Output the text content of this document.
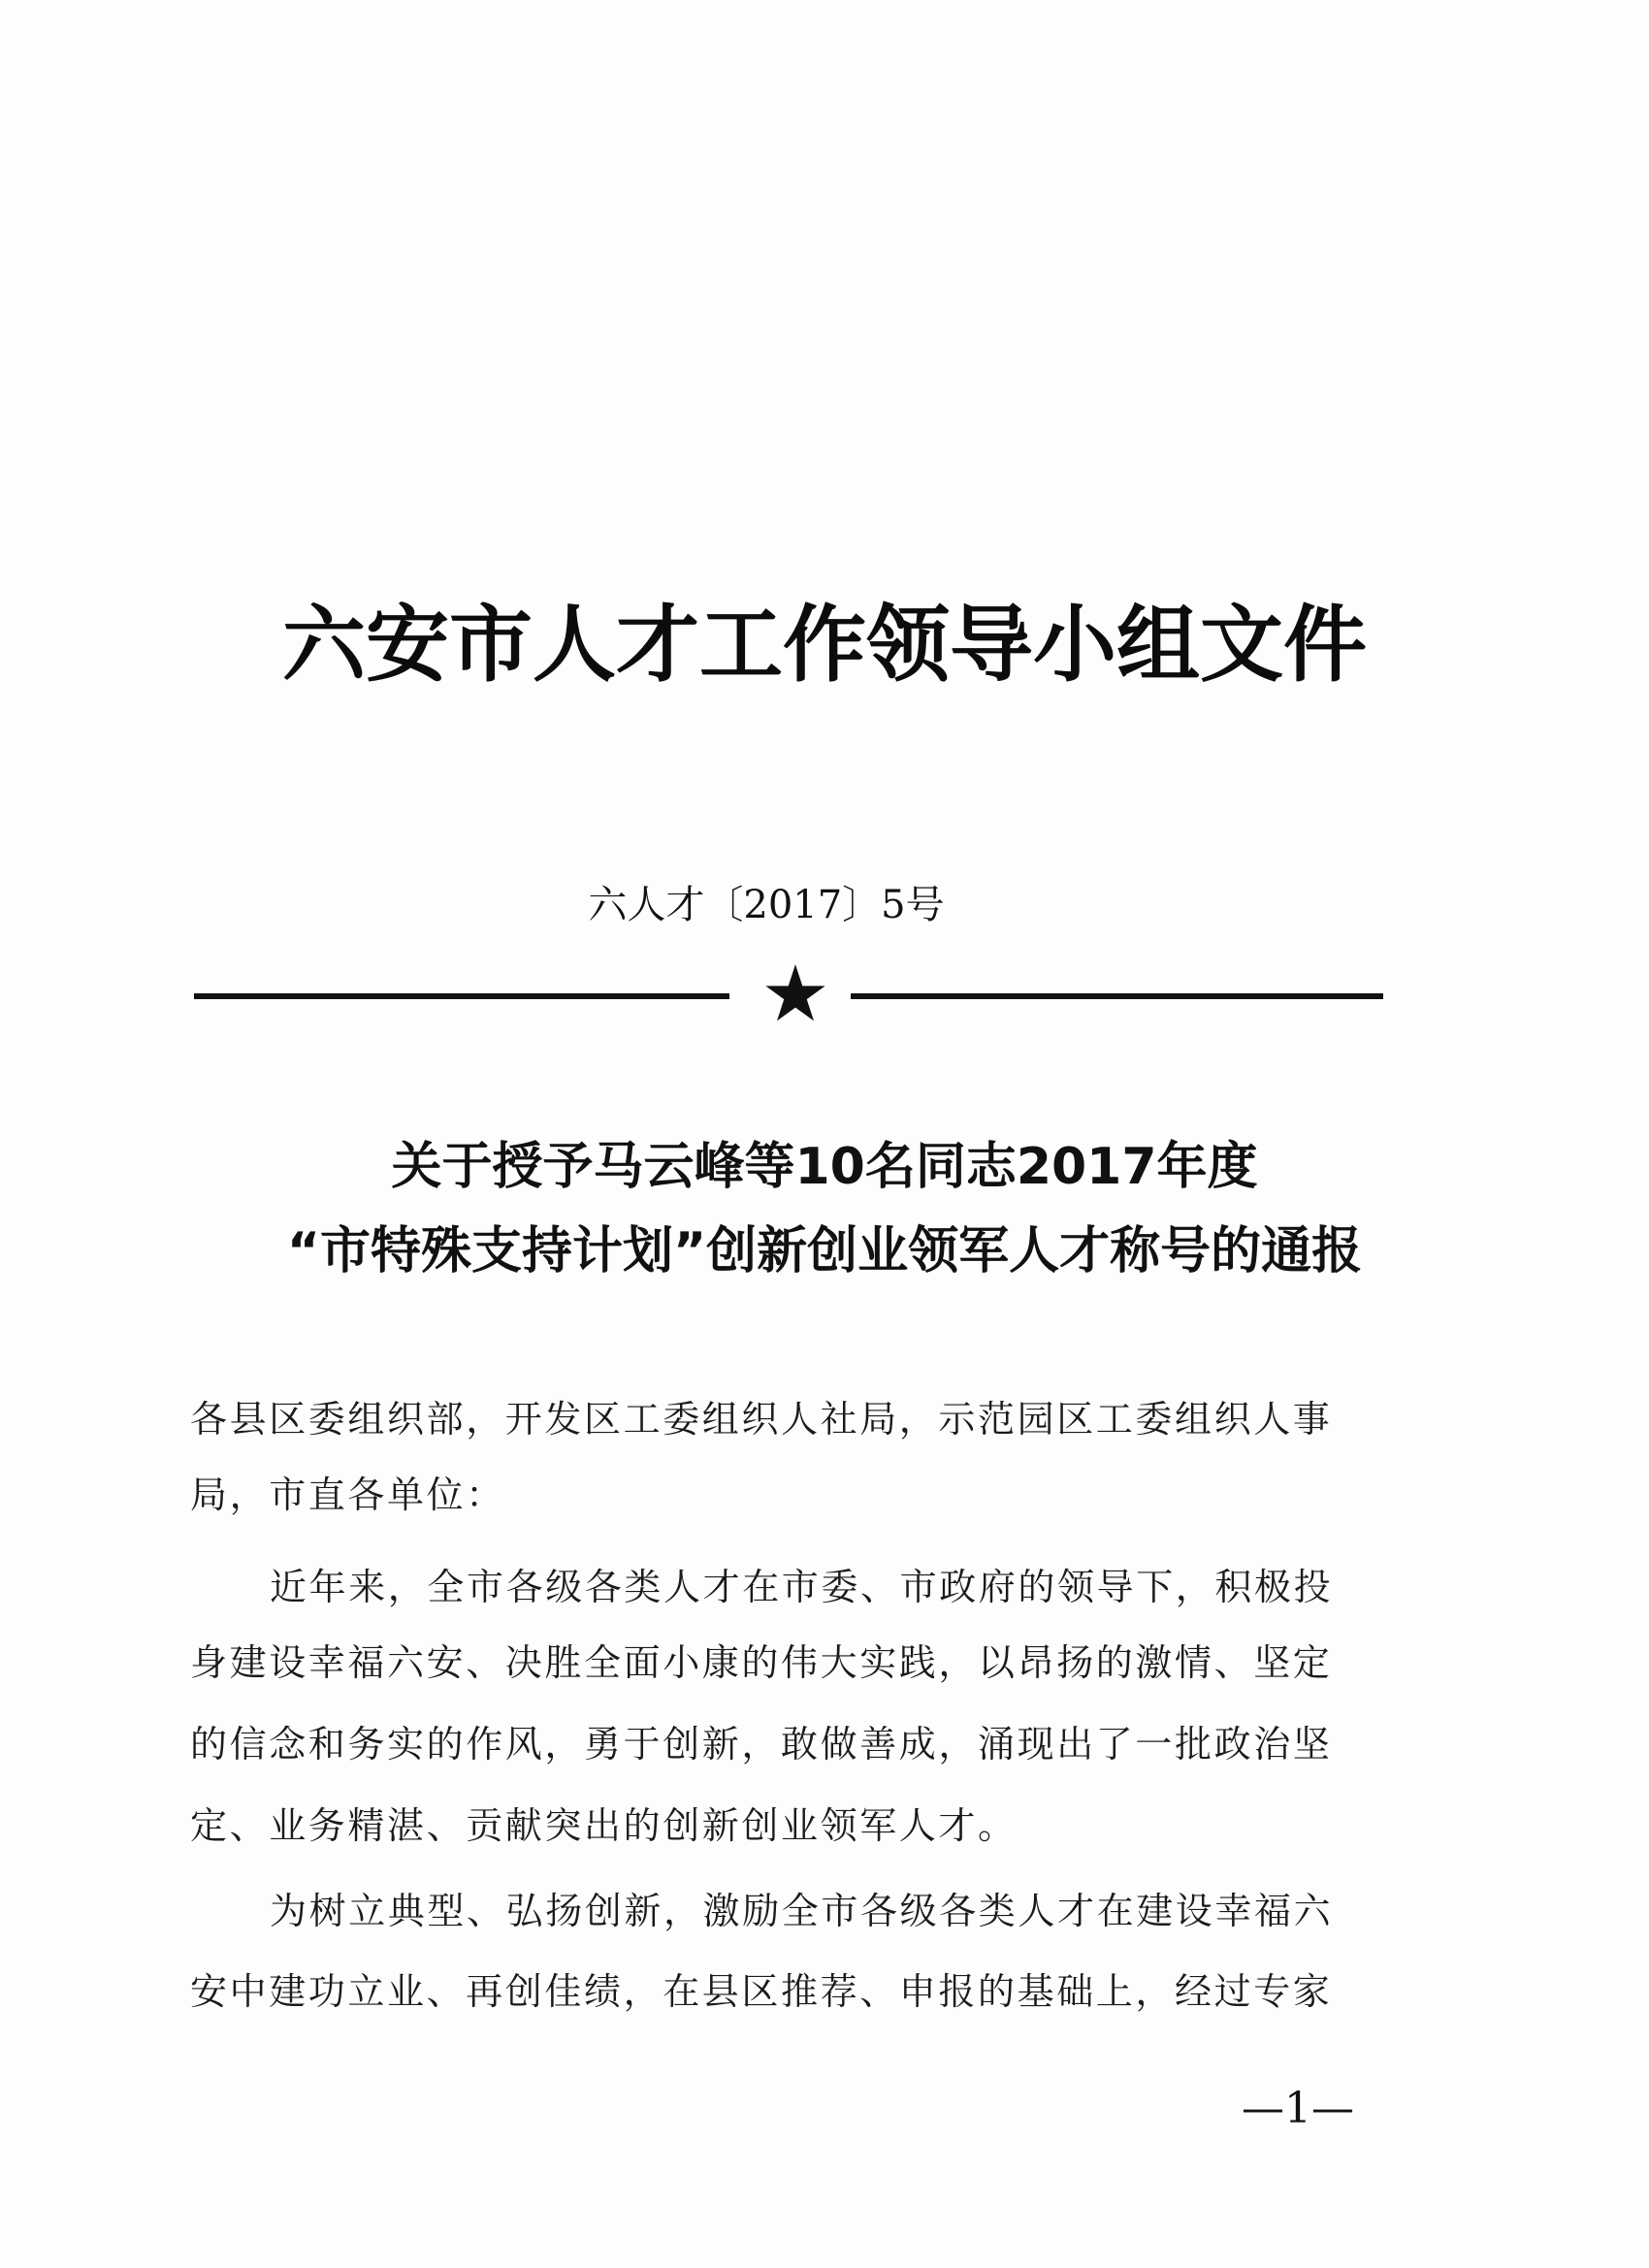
六安市人才工作领导小组文件
六人才〔2017〕5号
★
关于授予马云峰等10名同志2017年度
“市特殊支持计划”创新创业领军人才称号的通报
各县区委组织部，开发区工委组织人社局，示范园区工委组织人事
局，市直各单位：
近年来，全市各级各类人才在市委、市政府的领导下，积极投
身建设幸福六安、决胜全面小康的伟大实践，以昂扬的激情、坚定
的信念和务实的作风，勇于创新，敢做善成，涌现出了一批政治坚
定、业务精湛、贡献突出的创新创业领军人才。
为树立典型、弘扬创新，激励全市各级各类人才在建设幸福六
安中建功立业、再创佳绩，在县区推荐、申报的基础上，经过专家
—1—
